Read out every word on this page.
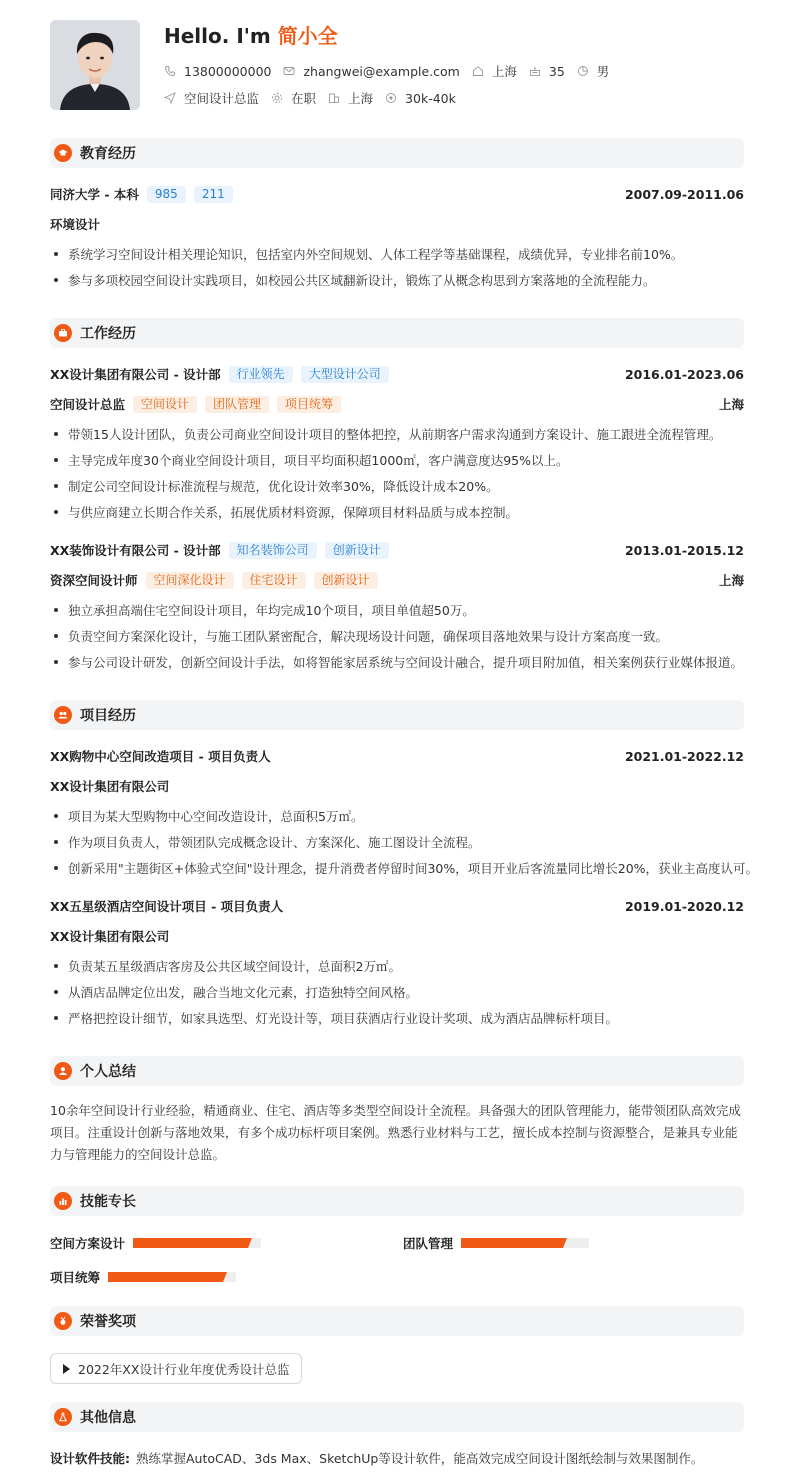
Hello. I'm 简小全
13800000000	zhangwei@example.com	上海	35	男
空间设计总监	在职	上海	30k-40k
教育经历
同济大学 - 本科	985	211	2007.09-2011.06
环境设计
系统学习空间设计相关理论知识，包括室内外空间规划、人体工程学等基础课程，成绩优异，专业排名前10%。
参与多项校园空间设计实践项目，如校园公共区域翻新设计，锻炼了从概念构思到方案落地的全流程能力。
工作经历
XX设计集团有限公司 - 设计部	行业领先	大型设计公司	2016.01-2023.06
空间设计总监	空间设计	团队管理	项目统筹	上海
带领15人设计团队，负责公司商业空间设计项目的整体把控，从前期客户需求沟通到方案设计、施工跟进全流程管理。
主导完成年度30个商业空间设计项目，项目平均面积超1000㎡，客户满意度达95%以上。
制定公司空间设计标准流程与规范，优化设计效率30%，降低设计成本20%。
与供应商建立长期合作关系，拓展优质材料资源，保障项目材料品质与成本控制。
XX装饰设计有限公司 - 设计部	知名装饰公司	创新设计	2013.01-2015.12
资深空间设计师	空间深化设计	住宅设计	创新设计	上海
独立承担高端住宅空间设计项目，年均完成10个项目，项目单值超50万。
负责空间方案深化设计，与施工团队紧密配合，解决现场设计问题，确保项目落地效果与设计方案高度一致。
参与公司设计研发，创新空间设计手法，如将智能家居系统与空间设计融合，提升项目附加值，相关案例获行业媒体报道。
项目经历
XX购物中心空间改造项目 - 项目负责人	2021.01-2022.12
XX设计集团有限公司
项目为某大型购物中心空间改造设计，总面积5万㎡。
作为项目负责人，带领团队完成概念设计、方案深化、施工图设计全流程。
创新采用"主题街区+体验式空间"设计理念，提升消费者停留时间30%，项目开业后客流量同比增长20%，获业主高度认可。
XX五星级酒店空间设计项目 - 项目负责人	2019.01-2020.12
XX设计集团有限公司
负责某五星级酒店客房及公共区域空间设计，总面积2万㎡。
从酒店品牌定位出发，融合当地文化元素，打造独特空间风格。
严格把控设计细节，如家具选型、灯光设计等，项目获酒店行业设计奖项、成为酒店品牌标杆项目。
个人总结
10余年空间设计行业经验，精通商业、住宅、酒店等多类型空间设计全流程。具备强大的团队管理能力，能带领团队高效完成项目。注重设计创新与落地效果，有多个成功标杆项目案例。熟悉行业材料与工艺，擅长成本控制与资源整合，是兼具专业能力与管理能力的空间设计总监。
技能专长
空间方案设计	团队管理
项目统筹
荣誉奖项
2022年XX设计行业年度优秀设计总监
其他信息
设计软件技能: 熟练掌握AutoCAD、3ds Max、SketchUp等设计软件，能高效完成空间设计图纸绘制与效果图制作。
